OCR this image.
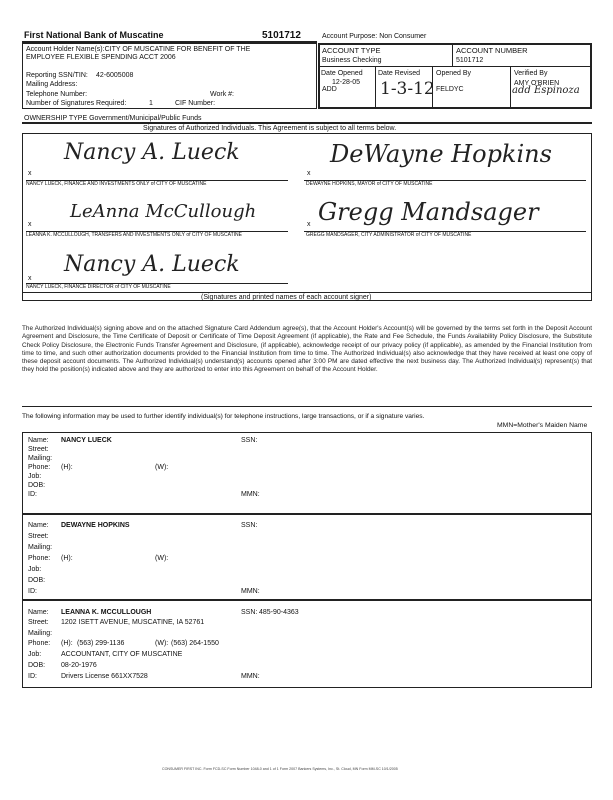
First National Bank of Muscatine	5101712	Account Purpose: Non Consumer
Account Holder Name(s):CITY OF MUSCATINE FOR BENEFIT OF THE
EMPLOYEE FLEXIBLE SPENDING ACCT 2006
Reporting SSN/TIN: 42-6005008
Mailing Address:
Telephone Number:	Work #:
Number of Signatures Required:	1	CIF Number:
ACCOUNT TYPE
Business Checking
ACCOUNT NUMBER
5101712
Date Opened
12-28-05
ADD
Date Revised
1-3-12
Opened By
FELDYC
Verified By
AMY O'BRIEN
add Espinoza
OWNERSHIP TYPE Government/Municipal/Public Funds
Signatures of Authorized Individuals. This Agreement is subject to all terms below.
Nancy A. Lueck
x
NANCY LUECK, FINANCE AND INVESTMENTS ONLY of CITY OF MUSCATINE
DeWayne Hopkins
x
DEWAYNE HOPKINS, MAYOR of CITY OF MUSCATINE
LeAnna McCullough
x
LEANNA K. MCCULLOUGH, TRANSFERS AND INVESTMENTS ONLY of CITY OF MUSCATINE
Gregg Mandsager
x
GREGG MANDSAGER, CITY ADMINISTRATOR of CITY OF MUSCATINE
Nancy A. Lueck
x
NANCY LUECK, FINANCE DIRECTOR of CITY OF MUSCATINE
(Signatures and printed names of each account signer)
The Authorized Individual(s) signing above and on the attached Signature Card Addendum agree(s), that the Account Holder's Account(s) will be governed by the terms set forth in the Deposit Account Agreement and Disclosure, the Time Certificate of Deposit or Certificate of Time Deposit Agreement (if applicable), the Rate and Fee Schedule, the Funds Availability Policy Disclosure, the Substitute Check Policy Disclosure, the Electronic Funds Transfer Agreement and Disclosure, (if applicable), acknowledge receipt of our privacy policy (if applicable), as amended by the Financial Institution from time to time, and such other authorization documents provided to the Financial Institution from time to time. The Authorized Individual(s) also acknowledge that they have received at least one copy of these deposit account documents. The Authorized Individual(s) understand(s) accounts opened after 3:00 PM are dated effective the next business day. The Authorized Individual(s) represent(s) that they hold the position(s) indicated above and they are authorized to enter into this Agreement on behalf of the Account Holder.
The following information may be used to further identify individual(s) for telephone instructions, large transactions, or if a signature varies.
MMN=Mother's Maiden Name
Name: NANCY LUECK	SSN:
Street:
Mailing:
Phone: (H):	(W):
Job:
DOB:
ID:	MMN:
Name: DEWAYNE HOPKINS	SSN:
Street:
Mailing:
Phone: (H):	(W):
Job:
DOB:
ID:	MMN:
Name: LEANNA K. MCCULLOUGH	SSN: 485-90-4363
Street: 1202 ISETT AVENUE, MUSCATINE, IA 52761
Mailing:
Phone: (H): (563) 299-1136	(W): (563) 264-1550
Job:	ACCOUNTANT, CITY OF MUSCATINE
DOB: 08-20-1976
ID:	Drivers License 661XX7528	MMN:
CONSUMER FIRST INC. Form FCD-SC Form Number 1048-0 and 1 of 1 Form 2007 Bankers Systems, Inc., St. Cloud, MN Form MM-SC 10/1/2005
